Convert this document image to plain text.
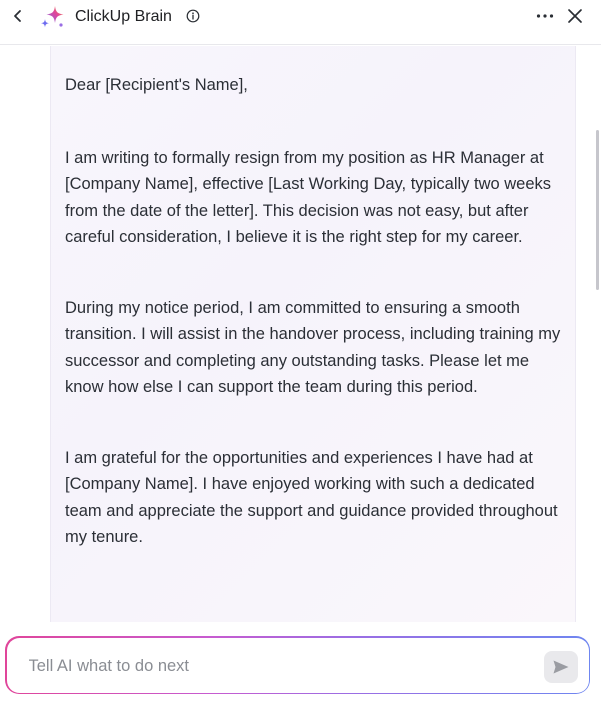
ClickUp Brain

Dear [Recipient's Name],

I am writing to formally resign from my position as HR Manager at [Company Name], effective [Last Working Day, typically two weeks from the date of the letter]. This decision was not easy, but after careful consideration, I believe it is the right step for my career.

During my notice period, I am committed to ensuring a smooth transition. I will assist in the handover process, including training my successor and completing any outstanding tasks. Please let me know how else I can support the team during this period.

I am grateful for the opportunities and experiences I have had at [Company Name]. I have enjoyed working with such a dedicated team and appreciate the support and guidance provided throughout my tenure.

Tell AI what to do next
